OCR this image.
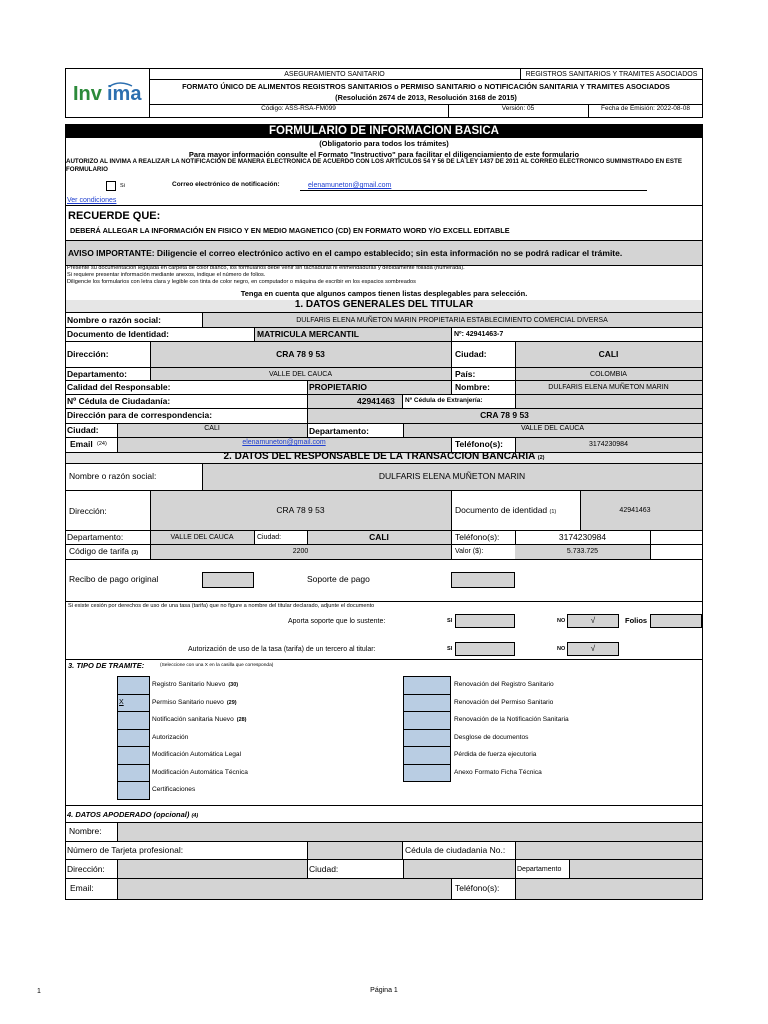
Inv ima
ASEGURAMIENTO SANITARIO	REGISTROS SANITARIOS Y TRAMITES ASOCIADOS
FORMATO ÚNICO DE ALIMENTOS REGISTROS SANITARIOS o PERMISO SANITARIO o NOTIFICACIÓN SANITARIA Y TRAMITES ASOCIADOS
(Resolución 2674 de 2013, Resolución 3168 de 2015)
Código: ASS-RSA-FM099	Versión: 05	Fecha de Emisión: 2022-08-08
FORMULARIO DE INFORMACION BASICA
(Obligatorio para todos los trámites)
Para mayor información consulte el Formato "Instructivo" para facilitar el diligenciamiento de este formulario
AUTORIZO AL INVIMA A REALIZAR LA NOTIFICACION DE MANERA ELECTRONICA DE ACUERDO CON LOS ARTICULOS 54 Y 56 DE LA LEY 1437 DE 2011 AL CORREO ELECTRONICO SUMINISTRADO EN ESTE FORMULARIO
Si	Correo electrónico de notificación:	elenamuneton@gmail.com
Ver condiciones
RECUERDE QUE:
DEBERÁ ALLEGAR LA INFORMACIÓN EN FISICO Y EN MEDIO MAGNETICO (CD) EN FORMATO WORD Y/O EXCELL EDITABLE
AVISO IMPORTANTE: Diligencie el correo electrónico activo en el campo establecido; sin esta información no se podrá radicar el trámite.
Presente su documentación legajada en carpeta de color blanco, los formularios debe venir sin tachaduras ni enmendaduras y debidamente foliada (numerada).
Si requiere presentar información mediante anexos, indique el número de folios.
Diligencie los formularios con letra clara y legible con tinta de color negro, en computador o máquina de escribir en los espacios sombreados
Tenga en cuenta que algunos campos tienen listas desplegables para selección.
1. DATOS GENERALES DEL TITULAR
Nombre o razón social:	DULFARIS ELENA MUÑETON MARIN PROPIETARIA ESTABLECIMIENTO COMERCIAL DIVERSA
Documento de Identidad:	MATRICULA MERCANTIL	Nº: 42941463-7
Dirección:	CRA 78 9 53	Ciudad:	CALI
Departamento:	VALLE DEL CAUCA	País:	COLOMBIA
Calidad del Responsable:	PROPIETARIO	Nombre:	DULFARIS ELENA MUÑETON MARIN
Nº Cédula de Ciudadanía:	42941463 Nº Cédula de Extranjería:
Dirección para de correspondencia:	CRA 78 9 53
Ciudad:	CALI	Departamento:	VALLE DEL CAUCA
Email (24)	elenamuneton@gmail.com	Teléfono(s):	3174230984
2. DATOS DEL RESPONSABLE DE LA TRANSACCION BANCARIA (2)
Nombre o razón social:	DULFARIS ELENA MUÑETON MARIN
Dirección:	CRA 78 9 53	Documento de identidad (1)	42941463
Departamento:	VALLE DEL CAUCA	Ciudad:	CALI	Teléfono(s):	3174230984
Código de tarifa (3)	2200	Valor ($):	5.733.725
Recibo de pago original	Soporte de pago
Si existe cesión por derechos de uso de una tasa (tarifa) que no figure a nombre del titular declarado, adjunte el documento
Aporta soporte que lo sustente:	SI	NO	√	Folios
Autorización de uso de la tasa (tarifa) de un tercero al titular:	SI	NO	√
3. TIPO DE TRAMITE:	(Seleccione con una X en la casilla que corresponda)
Registro Sanitario Nuevo (30)
X	Permiso Sanitario nuevo (29)
Notificación sanitaria Nuevo (28)
Autorización
Modificación Automática Legal
Modificación Automática Técnica
Certificaciones
Renovación del Registro Sanitario
Renovación del Permiso Sanitario
Renovación de la Notificación Sanitaria
Desglose de documentos
Pérdida de fuerza ejecutoria
Anexo Formato Ficha Técnica
4. DATOS APODERADO (opcional) (4)
Nombre:
Número de Tarjeta profesional:	Cédula de ciudadania No.:
Dirección:	Ciudad:	Departamento
Email:	Teléfono(s):
1	Página 1
